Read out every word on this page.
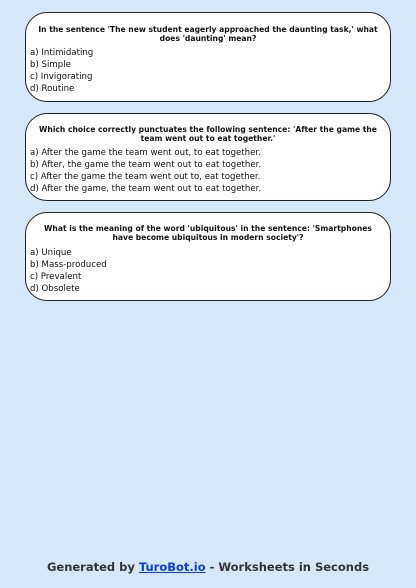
In the sentence 'The new student eagerly approached the daunting task,' what does 'daunting' mean?

a) Intimidating
b) Simple
c) Invigorating
d) Routine

Which choice correctly punctuates the following sentence: 'After the game the team went out to eat together.'

a) After the game the team went out, to eat together.
b) After, the game the team went out to eat together.
c) After the game the team went out to, eat together.
d) After the game, the team went out to eat together.

What is the meaning of the word 'ubiquitous' in the sentence: 'Smartphones have become ubiquitous in modern society'?

a) Unique
b) Mass-produced
c) Prevalent
d) Obsolete
Generated by TuroBot.io - Worksheets in Seconds
